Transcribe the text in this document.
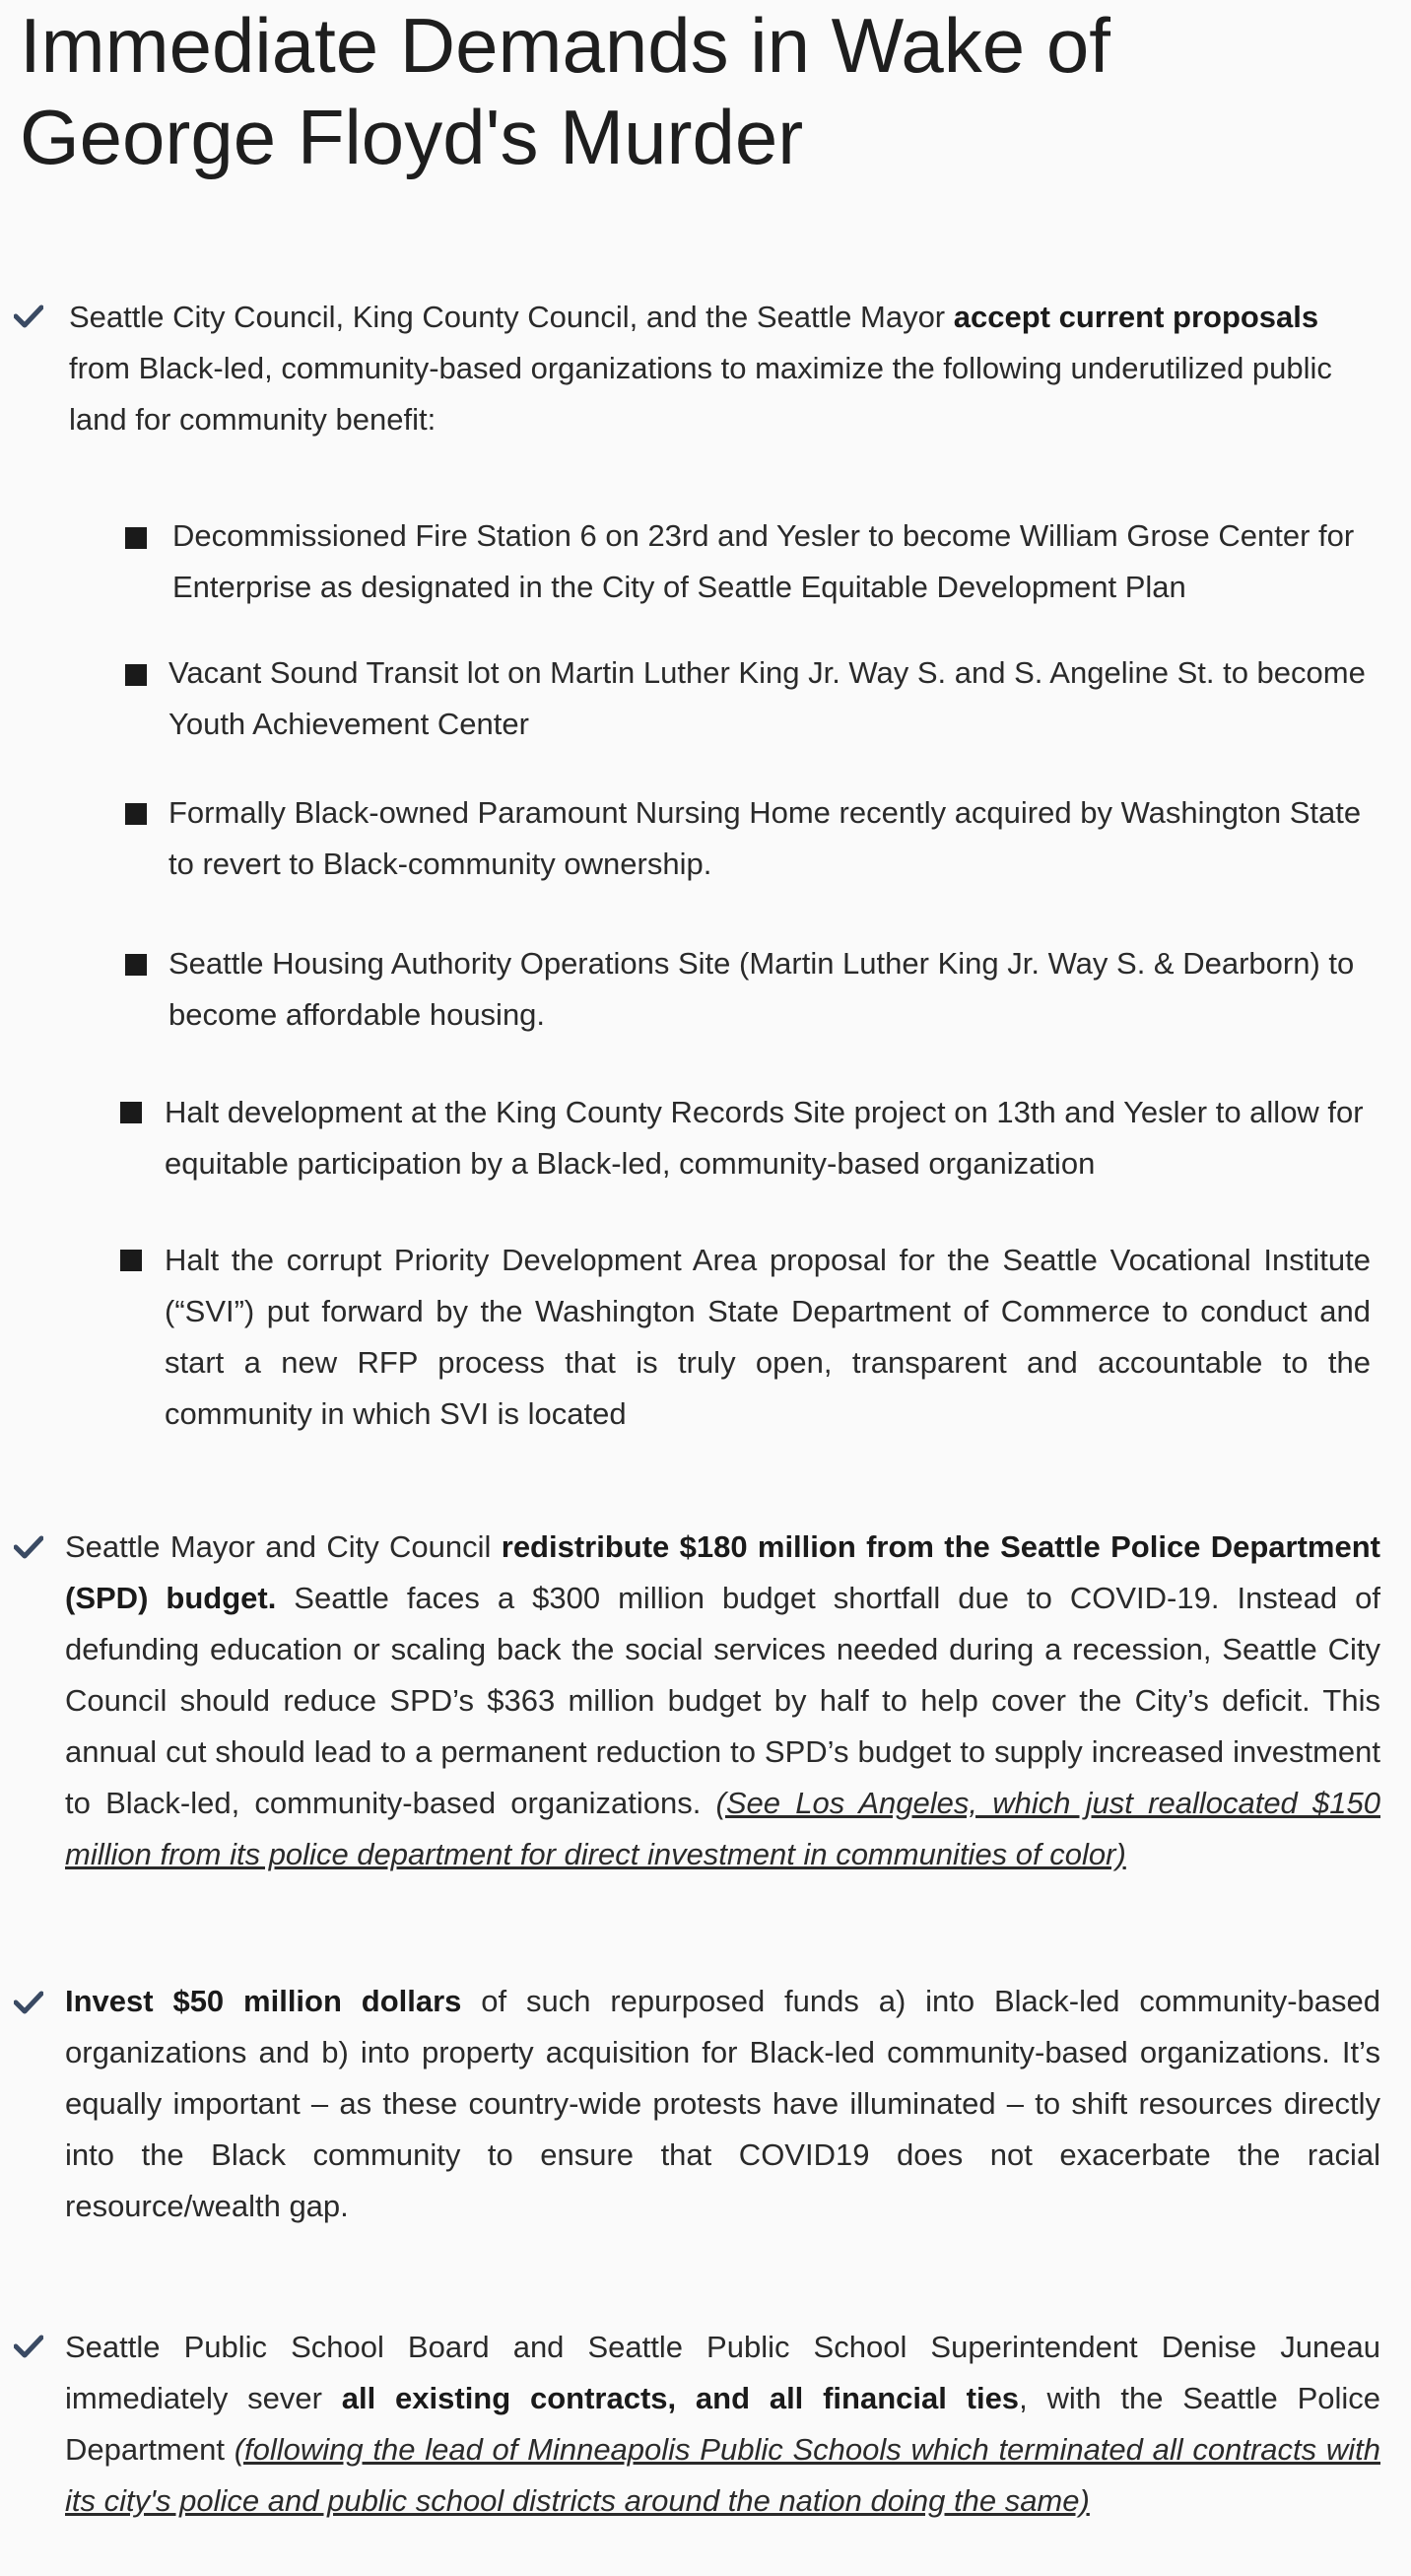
Immediate Demands in Wake of George Floyd's Murder

Seattle City Council, King County Council, and the Seattle Mayor accept current proposals from Black-led, community-based organizations to maximize the following underutilized public land for community benefit:

Decommissioned Fire Station 6 on 23rd and Yesler to become William Grose Center for Enterprise as designated in the City of Seattle Equitable Development Plan

Vacant Sound Transit lot on Martin Luther King Jr. Way S. and S. Angeline St. to become Youth Achievement Center

Formally Black-owned Paramount Nursing Home recently acquired by Washington State to revert to Black-community ownership.

Seattle Housing Authority Operations Site (Martin Luther King Jr. Way S. & Dearborn) to become affordable housing.

Halt development at the King County Records Site project on 13th and Yesler to allow for equitable participation by a Black-led, community-based organization

Halt the corrupt Priority Development Area proposal for the Seattle Vocational Institute (“SVI”) put forward by the Washington State Department of Commerce to conduct and start a new RFP process that is truly open, transparent and accountable to the community in which SVI is located

Seattle Mayor and City Council redistribute $180 million from the Seattle Police Department (SPD) budget. Seattle faces a $300 million budget shortfall due to COVID-19. Instead of defunding education or scaling back the social services needed during a recession, Seattle City Council should reduce SPD’s $363 million budget by half to help cover the City’s deficit. This annual cut should lead to a permanent reduction to SPD’s budget to supply increased investment to Black-led, community-based organizations. (See Los Angeles, which just reallocated $150 million from its police department for direct investment in communities of color)

Invest $50 million dollars of such repurposed funds a) into Black-led community-based organizations and b) into property acquisition for Black-led community-based organizations. It’s equally important – as these country-wide protests have illuminated – to shift resources directly into the Black community to ensure that COVID19 does not exacerbate the racial resource/wealth gap.

Seattle Public School Board and Seattle Public School Superintendent Denise Juneau immediately sever all existing contracts, and all financial ties, with the Seattle Police Department (following the lead of Minneapolis Public Schools which terminated all contracts with its city's police and public school districts around the nation doing the same)
